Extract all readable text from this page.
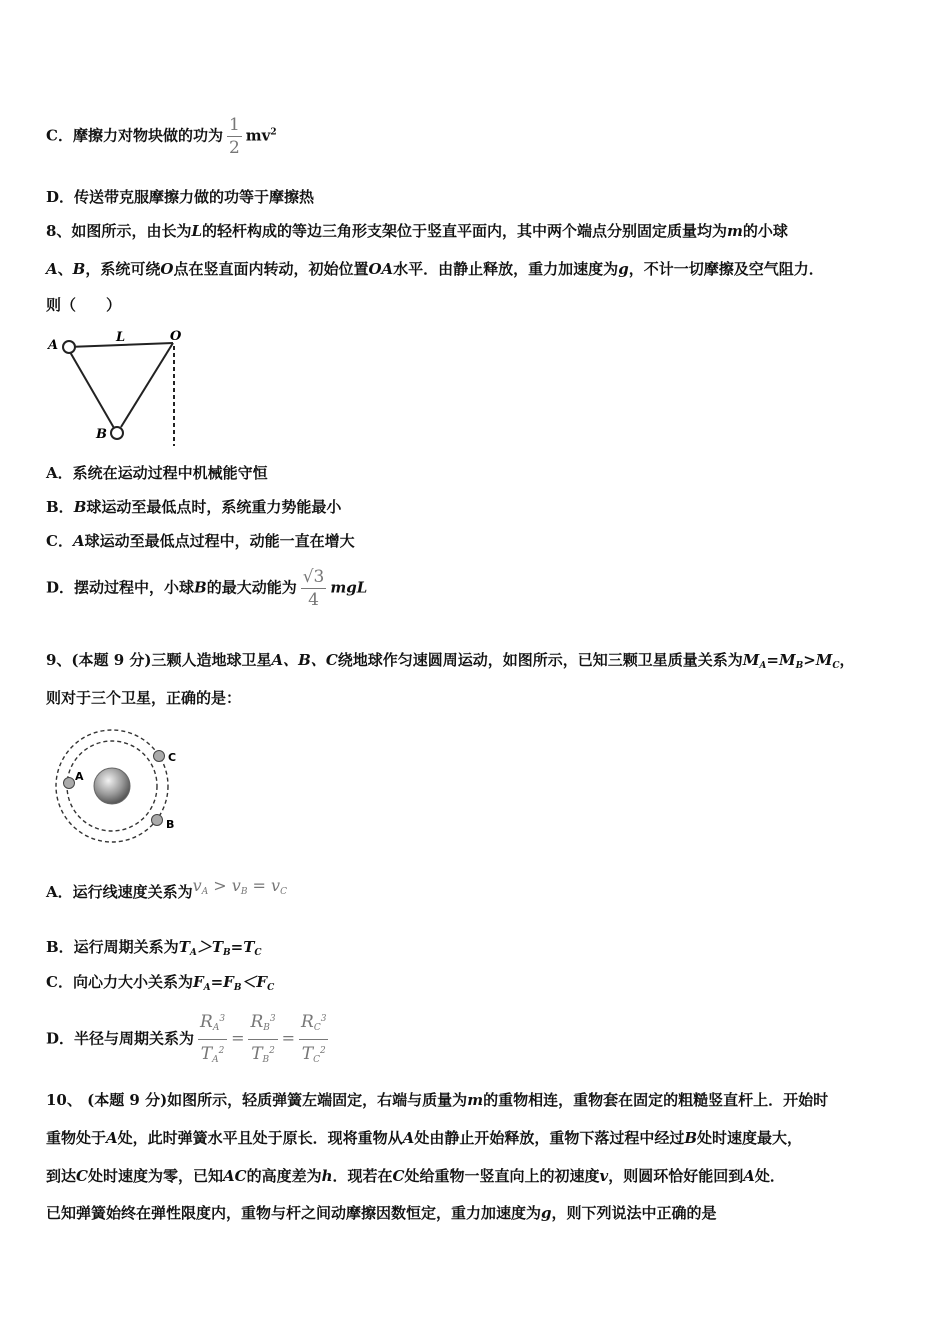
C．摩擦力对物块做的功为 $\frac{1}{2} mv^2$
D．传送带克服摩擦力做的功等于摩擦热
8、如图所示，由长为L的轻杆构成的等边三角形支架位于竖直平面内，其中两个端点分别固定质量均为m的小球
A、B，系统可绕O点在竖直面内转动，初始位置OA水平．由静止释放，重力加速度为g，不计一切摩擦及空气阻力．
则（　　）
A
L	O
B
A．系统在运动过程中机械能守恒
B．B球运动至最低点时，系统重力势能最小
C．A球运动至最低点过程中，动能一直在增大
D．摆动过程中，小球B的最大动能为 $\frac{√3}{4}$ mgL
9、(本题 9 分)三颗人造地球卫星A、B、C绕地球作匀速圆周运动，如图所示，已知三颗卫星质量关系为$M_A=M_B>M_C$，
则对于三个卫星，正确的是：
A
C
B
A．运行线速度关系为$v_A > v_B = v_C$
B．运行周期关系为$T_A>T_B=T_C$
C．向心力大小关系为$F_A=F_B<F_C$
D．半径与周期关系为 $\frac{R_A^3}{T_A^2} = \frac{R_B^3}{T_B^2} = \frac{R_C^3}{T_C^2}$
10、 (本题 9 分)如图所示，轻质弹簧左端固定，右端与质量为m的重物相连，重物套在固定的粗糙竖直杆上．开始时
重物处于A处，此时弹簧水平且处于原长．现将重物从A处由静止开始释放，重物下落过程中经过B处时速度最大，
到达C处时速度为零，已知AC的高度差为h．现若在C处给重物一竖直向上的初速度v，则圆环恰好能回到A处．
已知弹簧始终在弹性限度内，重物与杆之间动摩擦因数恒定，重力加速度为g，则下列说法中正确的是
